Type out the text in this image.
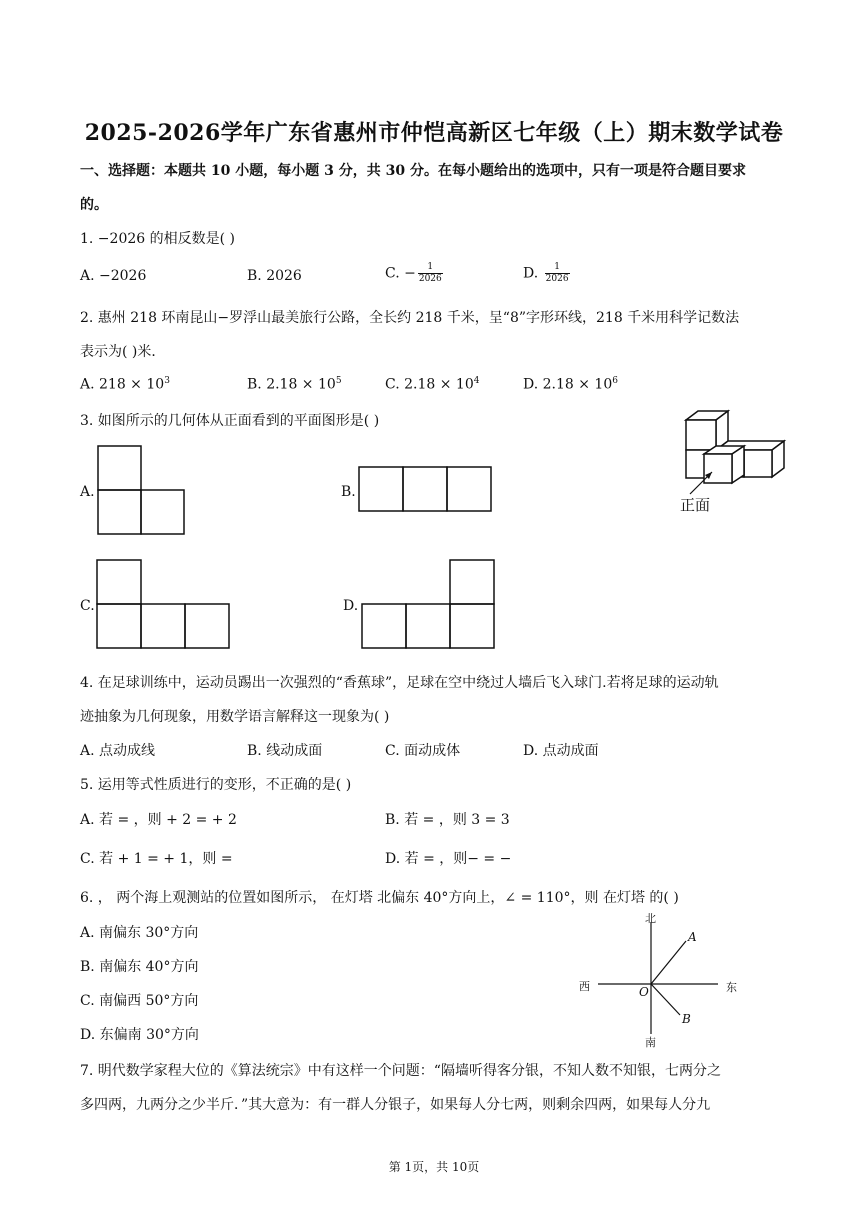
2025-2026学年广东省惠州市仲恺高新区七年级（上）期末数学试卷
一、选择题：本题共 10 小题，每小题 3 分，共 30 分。在每小题给出的选项中，只有一项是符合题目要求
的。
1. −2026 的相反数是( )
A. −2026	B. 2026	C. − $\frac{1}{2026}$	D. $\frac{1}{2026}$
2. 惠州 218 环南昆山−罗浮山最美旅行公路，全长约 218 千米，呈“8”字形环线，218 千米用科学记数法
表示为( )米．
A. $218 \times 10^3$	B. $2.18 \times 10^5$	C. $2.18 \times 10^4$	D. $2.18 \times 10^6$
3. 如图所示的几何体从正面看到的平面图形是( )
正面
A.	B.
C.	D.
4. 在足球训练中，运动员踢出一次强烈的“香蕉球”，足球在空中绕过人墙后飞入球门.若将足球的运动轨
迹抽象为几何现象，用数学语言解释这一现象为( )
A. 点动成线	B. 线动成面	C. 面动成体	D. 点动成面
5. 运用等式性质进行的变形，不正确的是( )
A. 若 = ，则 + 2 = + 2	B. 若 = ，则 3 = 3
C. 若 + 1 = + 1，则 =	D. 若 = ，则− = −
6. ， 两个海上观测站的位置如图所示， 在灯塔 北偏东 40°方向上，∠ = 110°，则 在灯塔 的( )
A. 南偏东 30°方向
B. 南偏东 40°方向
C. 南偏西 50°方向
D. 东偏南 30°方向
北
南
东
西
A
B
O
7. 明代数学家程大位的《算法统宗》中有这样一个问题：“隔墙听得客分银，不知人数不知银，七两分之
多四两，九两分之少半斤．”其大意为：有一群人分银子，如果每人分七两，则剩余四两，如果每人分九
第 1页，共 10页
